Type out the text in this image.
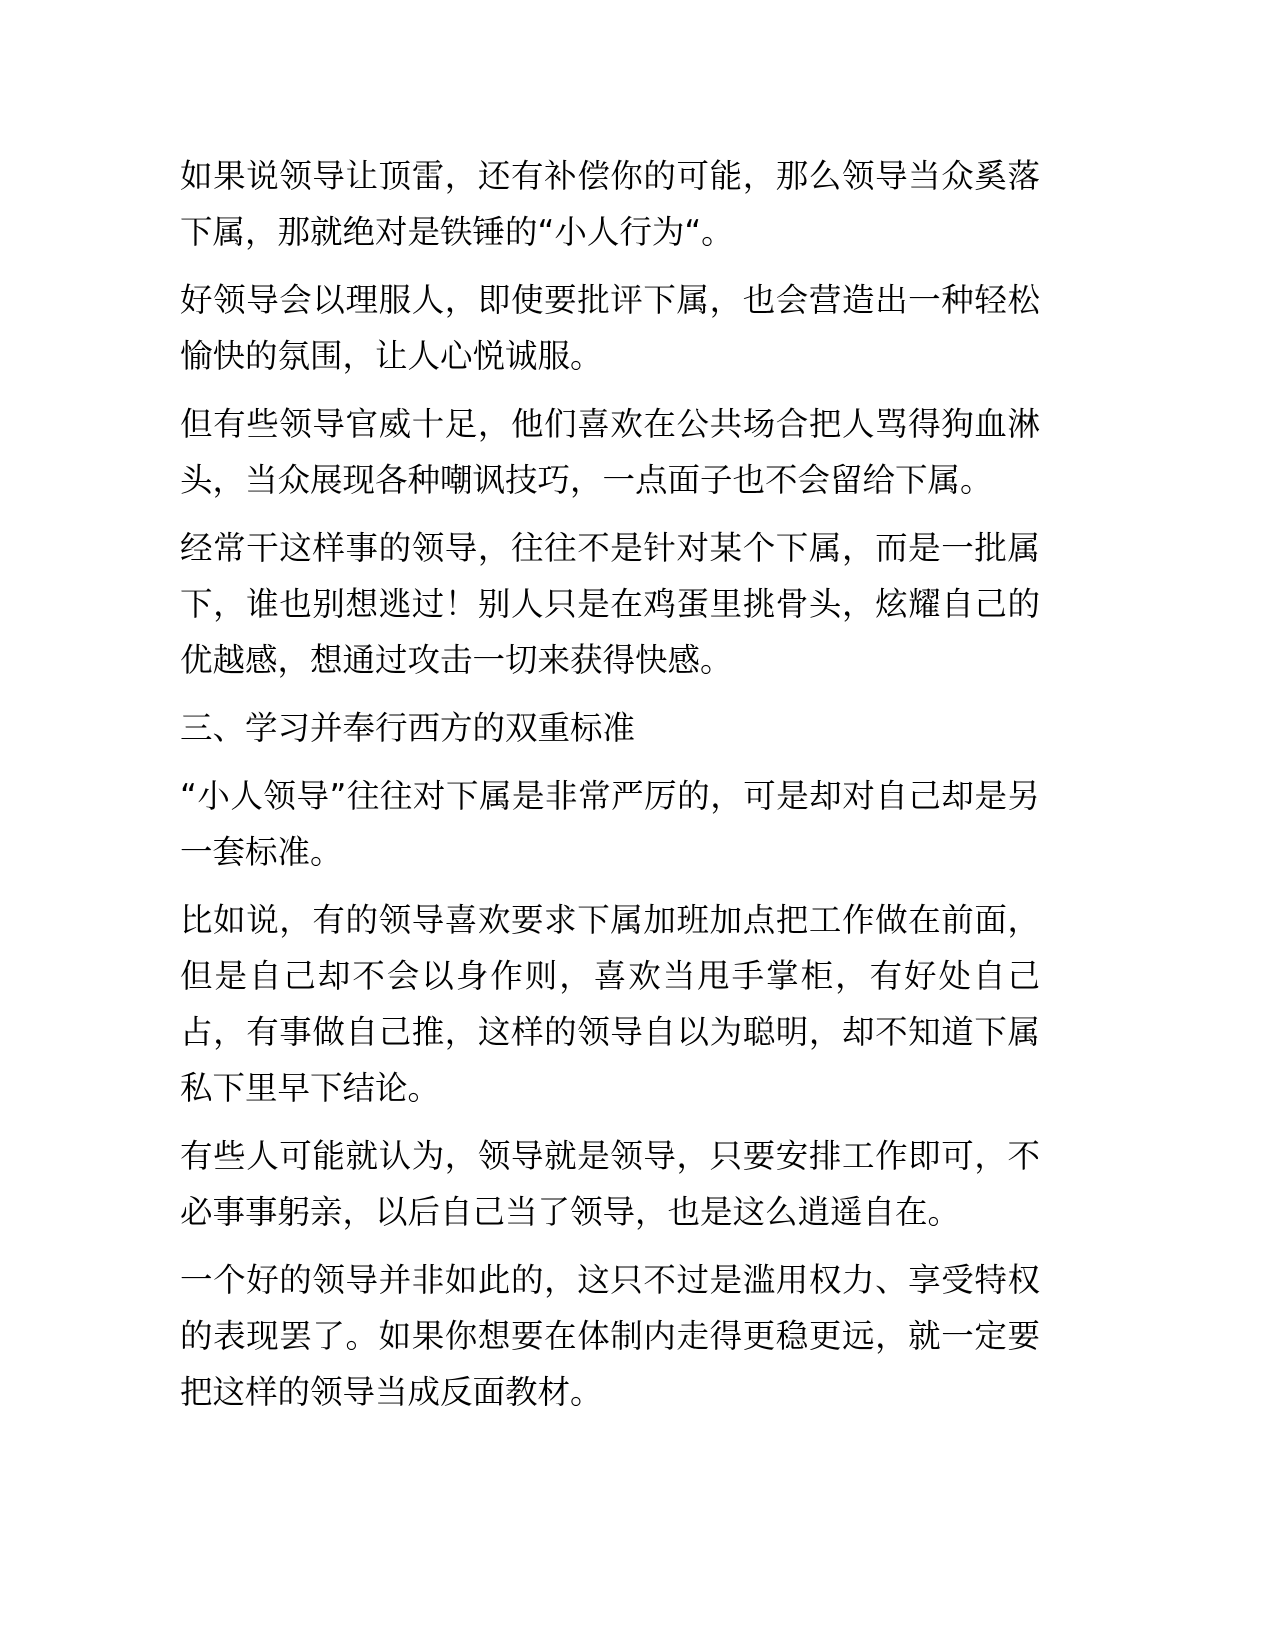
如果说领导让顶雷，还有补偿你的可能，那么领导当众奚落下属，那就绝对是铁锤的“小人行为“。

好领导会以理服人，即使要批评下属，也会营造出一种轻松愉快的氛围，让人心悦诚服。

但有些领导官威十足，他们喜欢在公共场合把人骂得狗血淋头，当众展现各种嘲讽技巧，一点面子也不会留给下属。

经常干这样事的领导，往往不是针对某个下属，而是一批属下，谁也别想逃过！别人只是在鸡蛋里挑骨头，炫耀自己的优越感，想通过攻击一切来获得快感。

三、学习并奉行西方的双重标准

“小人领导”往往对下属是非常严厉的，可是却对自己却是另一套标准。

比如说，有的领导喜欢要求下属加班加点把工作做在前面，但是自己却不会以身作则，喜欢当甩手掌柜，有好处自己占，有事做自己推，这样的领导自以为聪明，却不知道下属私下里早下结论。

有些人可能就认为，领导就是领导，只要安排工作即可，不必事事躬亲，以后自己当了领导，也是这么逍遥自在。

一个好的领导并非如此的，这只不过是滥用权力、享受特权的表现罢了。如果你想要在体制内走得更稳更远，就一定要把这样的领导当成反面教材。
